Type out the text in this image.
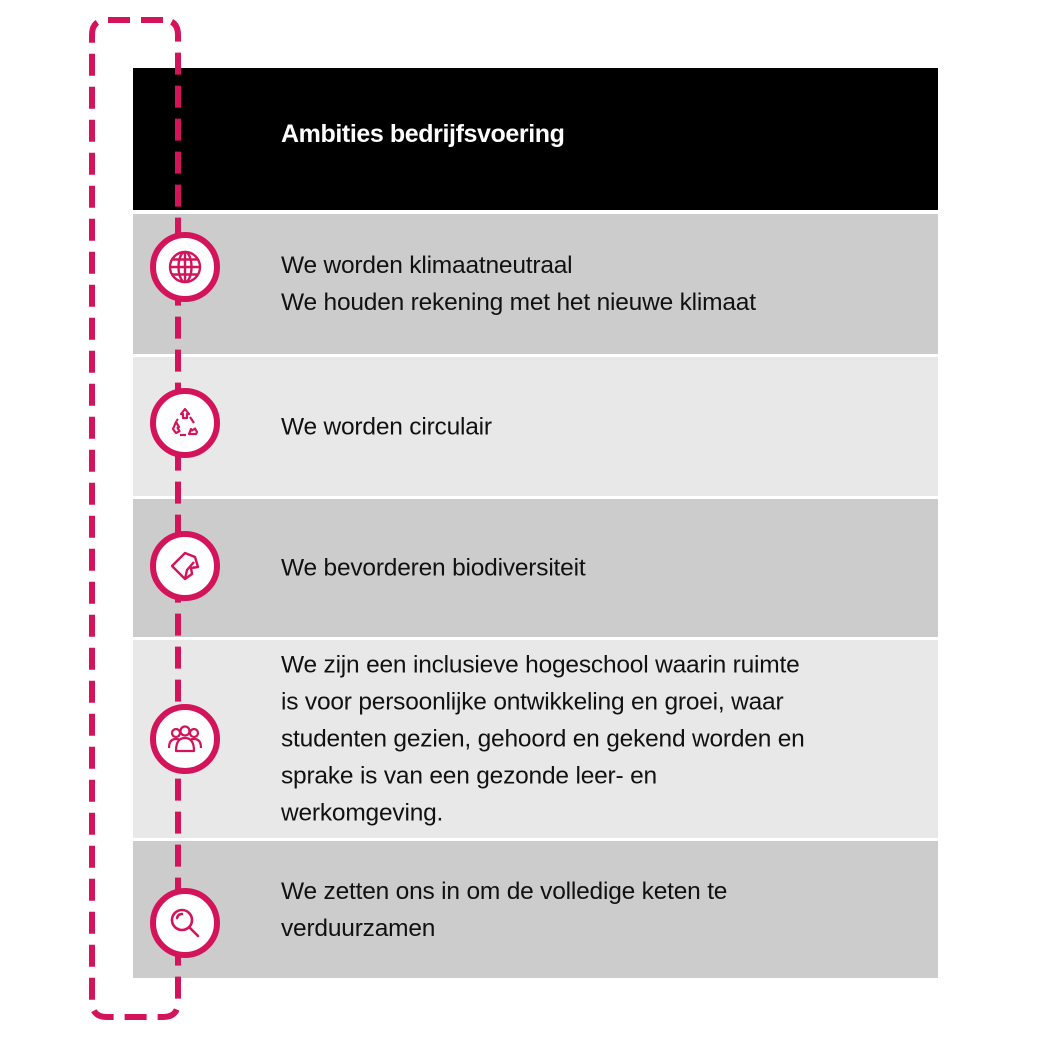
Ambities bedrijfsvoering
We worden klimaatneutraal
We houden rekening met het nieuwe klimaat
We worden circulair
We bevorderen biodiversiteit
We zijn een inclusieve hogeschool waarin ruimte
is voor persoonlijke ontwikkeling en groei, waar
studenten gezien, gehoord en gekend worden en
sprake is van een gezonde leer- en
werkomgeving.
We zetten ons in om de volledige keten te
verduurzamen
